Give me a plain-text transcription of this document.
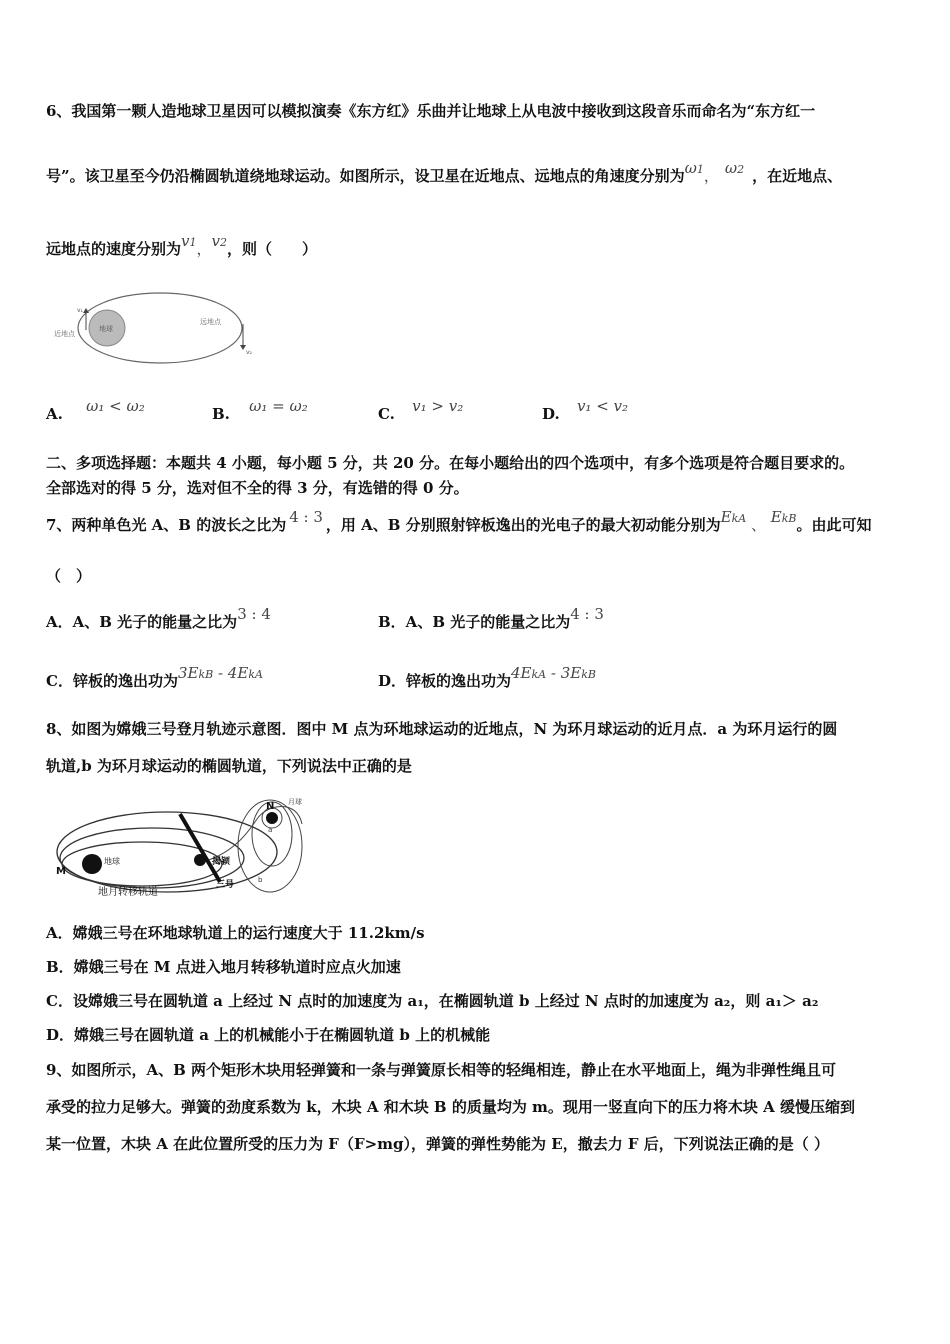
6、我国第一颗人造地球卫星因可以模拟演奏《东方红》乐曲并让地球上从电波中接收到这段音乐而命名为“东方红一
号”。该卫星至今仍沿椭圆轨道绕地球运动。如图所示，设卫星在近地点、远地点的角速度分别为ω1， ω2 ，在近地点、
远地点的速度分别为v1，v2，则（　　）
地球
v₁
近地点
v₂
远地点
A. ω₁ < ω₂	B. ω₁ = ω₂	C. v₁ > v₂	D. v₁ < v₂
二、多项选择题：本题共 4 小题，每小题 5 分，共 20 分。在每小题给出的四个选项中，有多个选项是符合题目要求的。
全部选对的得 5 分，选对但不全的得 3 分，有选错的得 0 分。
7、两种单色光 A、B 的波长之比为 4 : 3 ，用 A、B 分别照射锌板逸出的光电子的最大初动能分别为EkA 、 EkB。由此可知
（　）
A．A、B 光子的能量之比为3 : 4	B．A、B 光子的能量之比为4 : 3
C．锌板的逸出功为3EkB - 4EkA	D．锌板的逸出功为4EkA - 3EkB
8、如图为嫦娥三号登月轨迹示意图．图中 M 点为环地球运动的近地点，N 为环月球运动的近月点．a 为环月运行的圆
轨道,b 为环月球运动的椭圆轨道，下列说法中正确的是
N 月球
a
b
M
地球	揭颍
三号
地月转移轨道
A．嫦娥三号在环地球轨道上的运行速度大于 11.2km/s
B．嫦娥三号在 M 点进入地月转移轨道时应点火加速
C．设嫦娥三号在圆轨道 a 上经过 N 点时的加速度为 a₁，在椭圆轨道 b 上经过 N 点时的加速度为 a₂，则 a₁＞ a₂
D．嫦娥三号在圆轨道 a 上的机械能小于在椭圆轨道 b 上的机械能
9、如图所示，A、B 两个矩形木块用轻弹簧和一条与弹簧原长相等的轻绳相连，静止在水平地面上，绳为非弹性绳且可
承受的拉力足够大。弹簧的劲度系数为 k，木块 A 和木块 B 的质量均为 m。现用一竖直向下的压力将木块 A 缓慢压缩到
某一位置，木块 A 在此位置所受的压力为 F（F>mg），弹簧的弹性势能为 E，撤去力 F 后，下列说法正确的是（ ）
